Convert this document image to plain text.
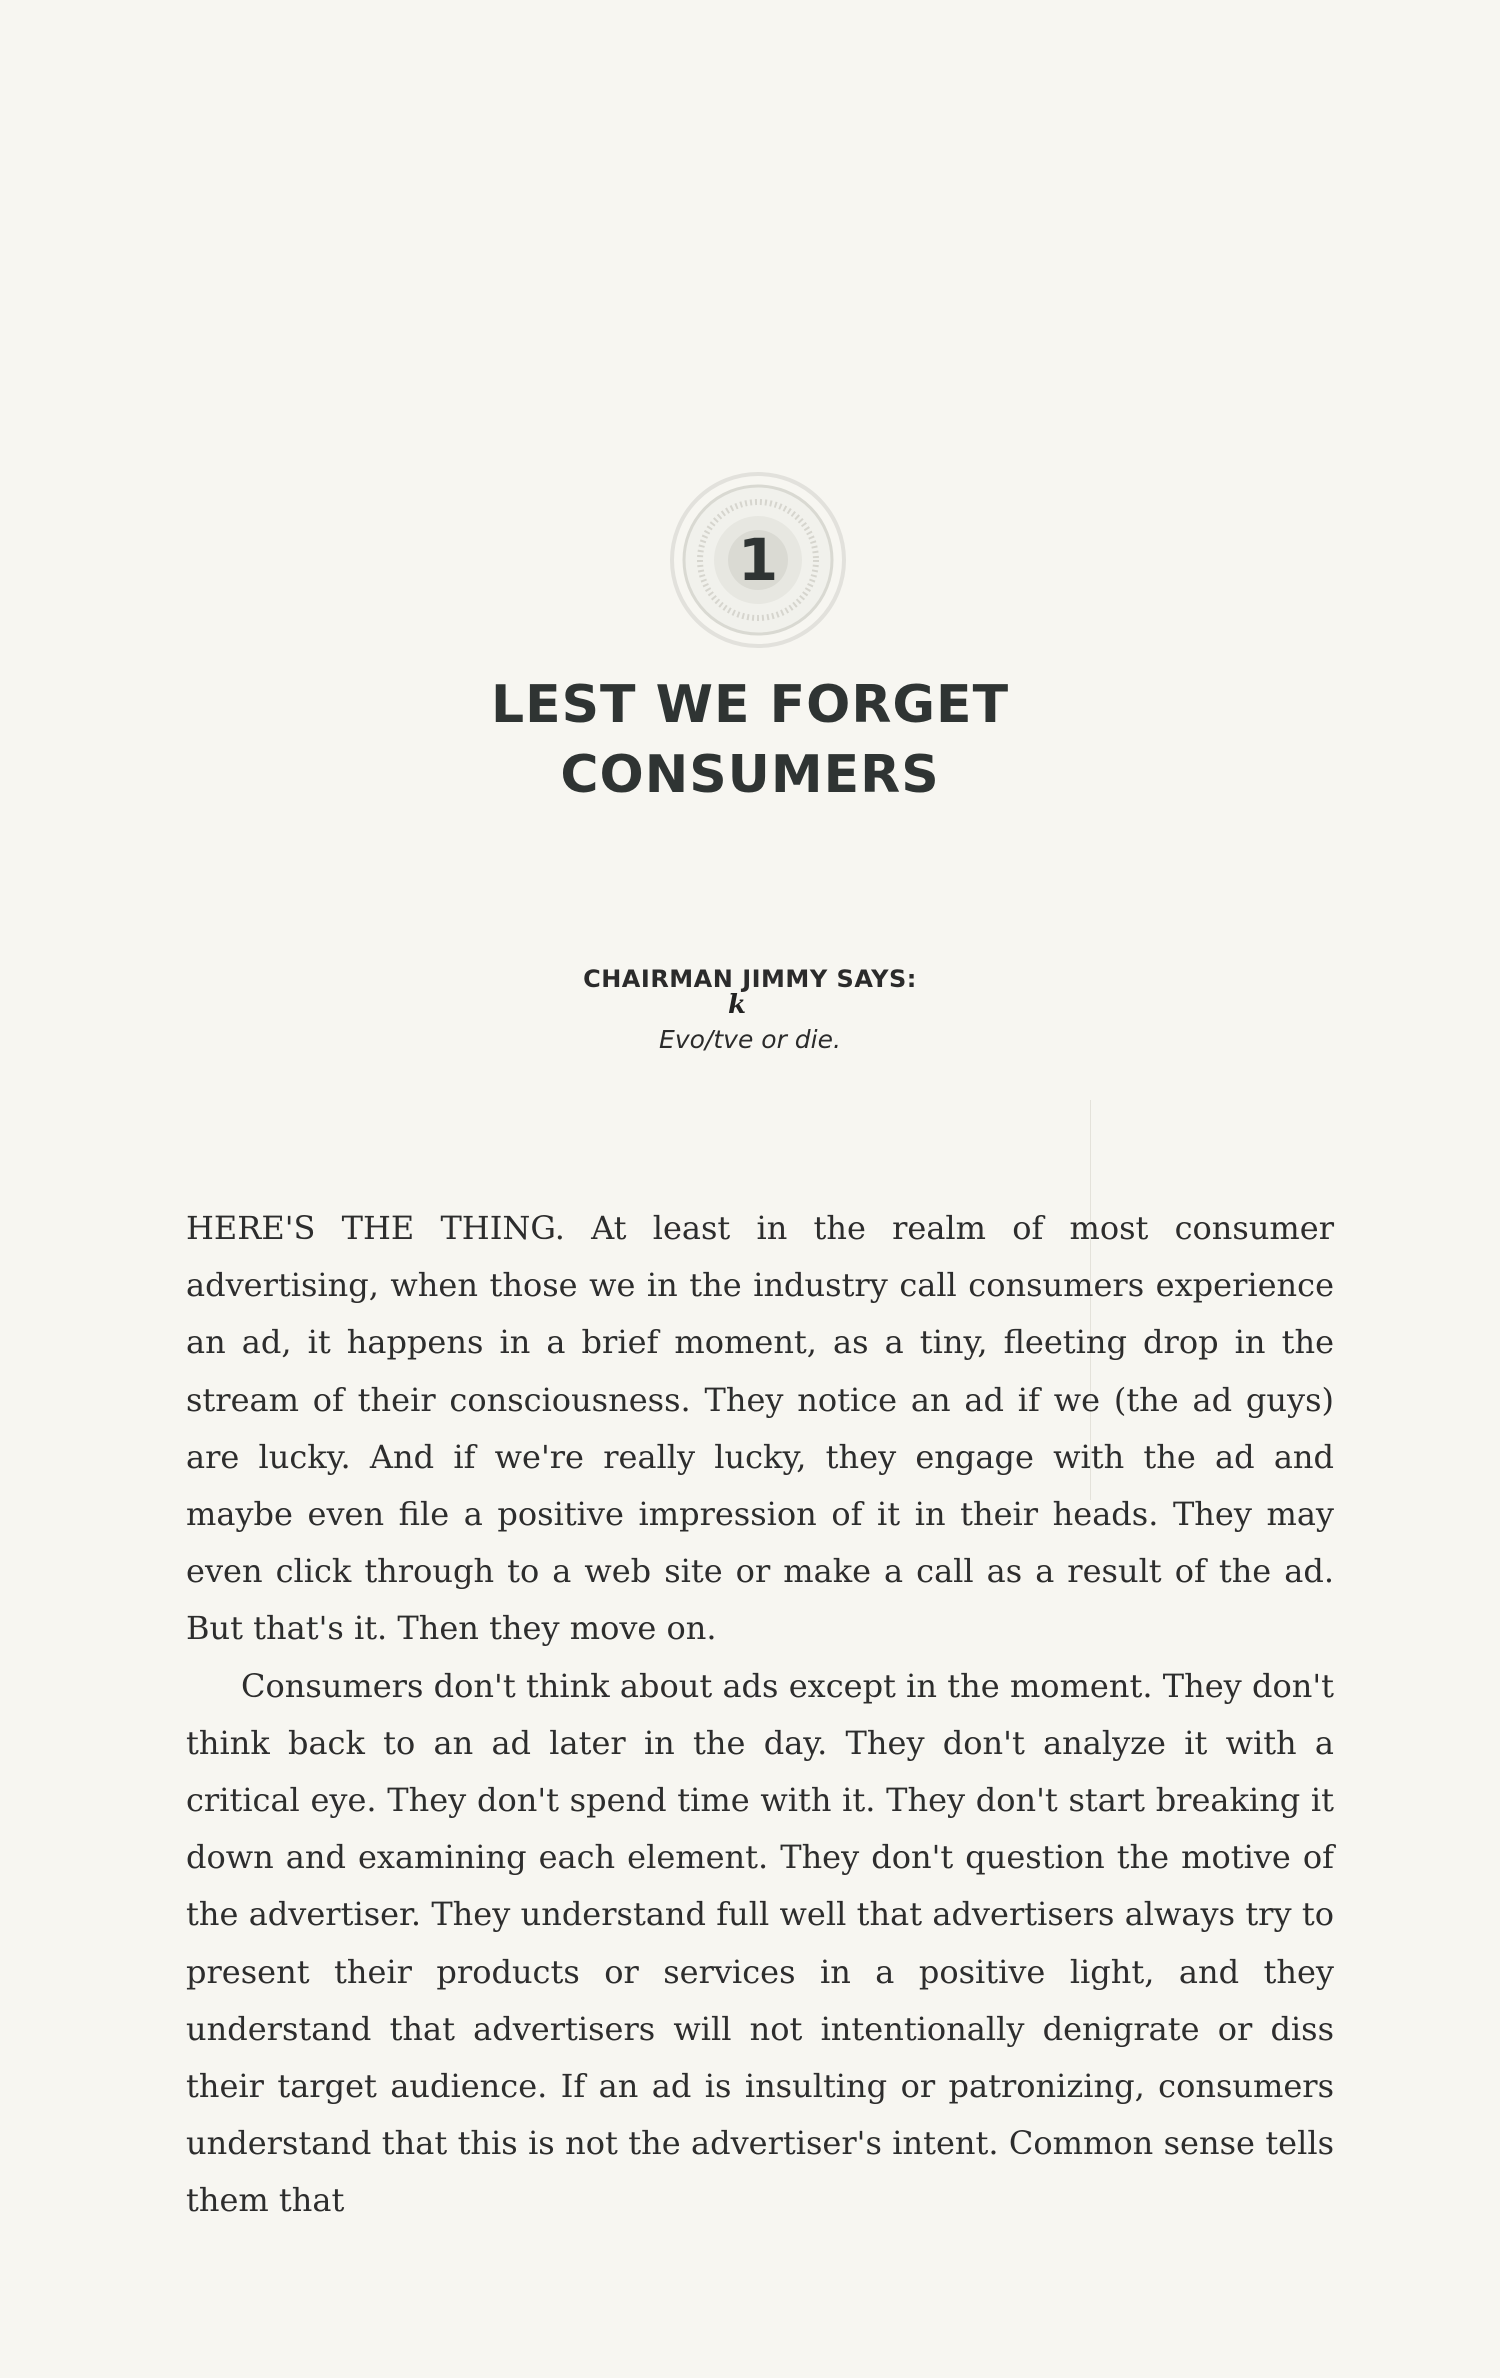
1
LEST WE FORGET
CONSUMERS
CHAIRMAN JIMMY SAYS:
k
Evo/tve or die.

HERE'S THE THING. At least in the realm of most consumer advertising, when those we in the industry call consumers experience an ad, it happens in a brief moment, as a tiny, fleeting drop in the stream of their consciousness. They notice an ad if we (the ad guys) are lucky. And if we're really lucky, they engage with the ad and maybe even file a positive impression of it in their heads. They may even click through to a web site or make a call as a result of the ad. But that's it. Then they move on.

Consumers don't think about ads except in the moment. They don't think back to an ad later in the day. They don't analyze it with a critical eye. They don't spend time with it. They don't start breaking it down and examining each element. They don't question the motive of the advertiser. They understand full well that advertisers always try to present their products or services in a positive light, and they understand that advertisers will not intentionally denigrate or diss their target audience. If an ad is insulting or patronizing, consumers understand that this is not the advertiser's intent. Common sense tells them that
